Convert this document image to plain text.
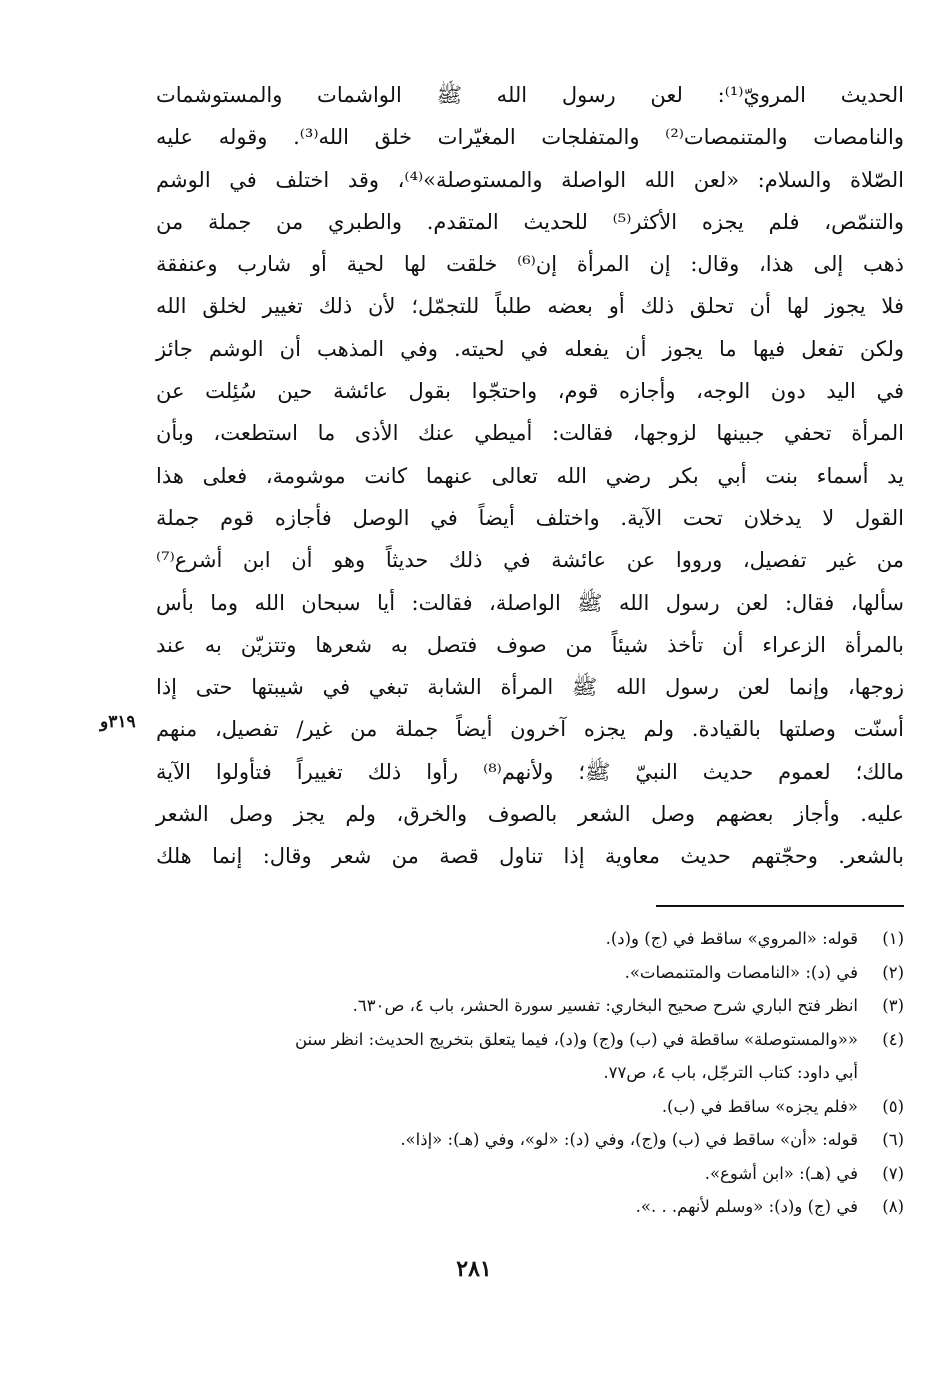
الحديث المرويّ⁽¹⁾: لعن رسول الله ﷺ الواشمات والمستوشمات
والنامصات والمتنمصات⁽²⁾ والمتفلجات المغيّرات خلق الله⁽³⁾. وقوله عليه
الصّلاة والسلام: «لعن الله الواصلة والمستوصلة»⁽⁴⁾، وقد اختلف في الوشم
والتنمّص، فلم يجزه الأكثر⁽⁵⁾ للحديث المتقدم. والطبري من جملة من
ذهب إلى هذا، وقال: إن المرأة إن⁽⁶⁾ خلقت لها لحية أو شارب وعنفقة
فلا يجوز لها أن تحلق ذلك أو بعضه طلباً للتجمّل؛ لأن ذلك تغيير لخلق الله
ولكن تفعل فيها ما يجوز أن يفعله في لحيته. وفي المذهب أن الوشم جائز
في اليد دون الوجه، وأجازه قوم، واحتجّوا بقول عائشة حين سُئِلت عن
المرأة تحفي جبينها لزوجها، فقالت: أميطي عنك الأذى ما استطعت، وبأن
يد أسماء بنت أبي بكر رضي الله تعالى عنهما كانت موشومة، فعلى هذا
القول لا يدخلان تحت الآية. واختلف أيضاً في الوصل فأجازه قوم جملة
من غير تفصيل، ورووا عن عائشة في ذلك حديثاً وهو أن ابن أشرع⁽⁷⁾
سألها، فقال: لعن رسول الله ﷺ الواصلة، فقالت: أيا سبحان الله وما بأس
بالمرأة الزعراء أن تأخذ شيئاً من صوف فتصل به شعرها وتتزيّن به عند
زوجها، وإنما لعن رسول الله ﷺ المرأة الشابة تبغي في شيبتها حتى إذا
أسنّت وصلتها بالقيادة. ولم يجزه آخرون أيضاً جملة من غير/ تفصيل، منهم
مالك؛ لعموم حديث النبيّ ﷺ؛ ولأنهم⁽⁸⁾ رأوا ذلك تغييراً فتأولوا الآية
عليه. وأجاز بعضهم وصل الشعر بالصوف والخرق، ولم يجز وصل الشعر
بالشعر. وحجّتهم حديث معاوية إذا تناول قصة من شعر وقال: إنما هلك
٣١٩و
(١)
قوله: «المروي» ساقط في (ج) و(د).
(٢)
في (د): «النامصات والمتنمصات».
(٣)
انظر فتح الباري شرح صحيح البخاري: تفسير سورة الحشر، باب ٤، ص٦٣٠.
(٤)
««والمستوصلة» ساقطة في (ب) و(ج) و(د)، فيما يتعلق بتخريج الحديث: انظر سنن
أبي داود: كتاب الترجّل، باب ٤، ص٧٧.
(٥)
«فلم يجزه» ساقط في (ب).
(٦)
قوله: «أن» ساقط في (ب) و(ج)، وفي (د): «لو»، وفي (هـ): «إذا».
(٧)
في (هـ): «ابن أشوع».
(٨)
في (ج) و(د): «وسلم لأنهم. . .».
٢٨١
